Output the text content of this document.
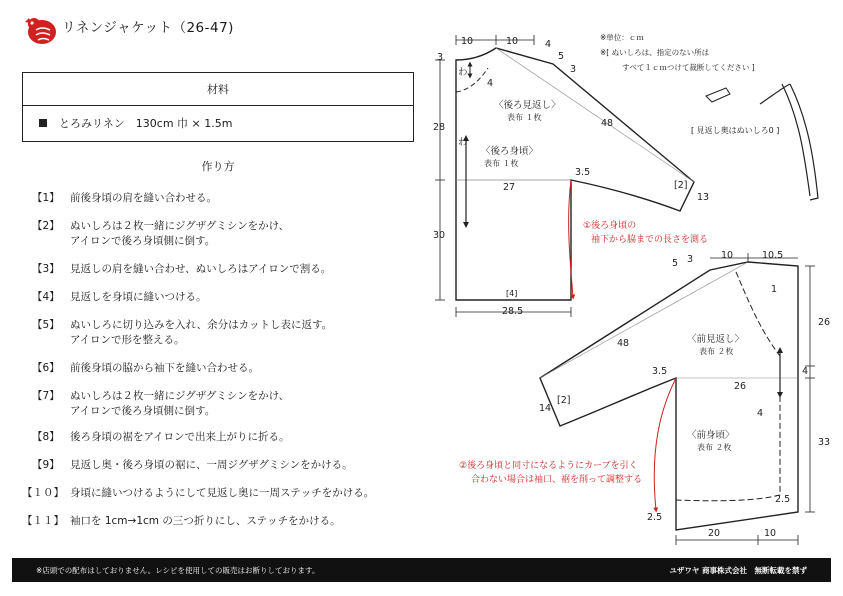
リネンジャケット（26-47)
材料
とろみリネン　130cm 巾 × 1.5m
作り方
【1】 前後身頃の肩を縫い合わせる。
【2】 ぬいしろは２枚一緒にジグザグミシンをかけ、
アイロンで後ろ身頃側に倒す。
【3】 見返しの肩を縫い合わせ、ぬいしろはアイロンで割る。
【4】 見返しを身頃に縫いつける。
【5】 ぬいしろに切り込みを入れ、余分はカットし表に返す。
アイロンで形を整える。
【6】 前後身頃の脇から袖下を縫い合わせる。
【7】 ぬいしろは２枚一緒にジグザグミシンをかけ、
アイロンで後ろ身頃側に倒す。
【8】 後ろ身頃の裾をアイロンで出来上がりに折る。
【9】 見返し奥・後ろ身頃の裾に、一周ジグザグミシンをかける。
【１０】 身頃に縫いつけるようにして見返し奥に一周ステッチをかける。
【１１】 袖口を 1cm→1cm の三つ折りにし、ステッチをかける。
※単位：ｃｍ
※[ ぬいしろは、指定のない所は
すべて１ｃｍつけて裁断してください ]
10	10	4
5
3
3
4
わ
わ
28	48
3.5
27	[2]
13
30
[4]
28.5
〈後ろ見返し〉
表布 １枚
〈後ろ身頃〉
表布 １枚
①後ろ身頃の
袖下から脇までの長さを測る
5 3	10	10.5
1
26
48
3.5
26
4
[2]
14	4
33
2.5
2.5
20	10
〈前見返し〉
表布 ２枚
〈前身頃〉
表布 ２枚
②後ろ身頃と同寸になるようにカーブを引く
合わない場合は袖口、裾を削って調整する
[ 見返し奥はぬいしろ0 ]
※店頭での配布はしておりません。レシピを使用しての販売はお断りしております。	ユザワヤ 商事株式会社　無断転載を禁ず
